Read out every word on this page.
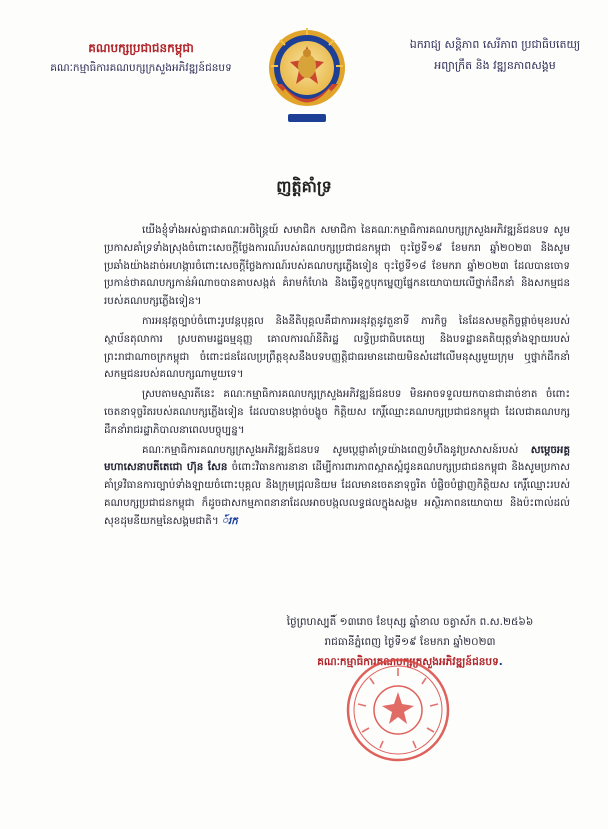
គណបក្សប្រជាជនកម្ពុជា
គណៈកម្មាធិការគណបក្សក្រសួងអភិវឌ្ឍន៍ជនបទ
ឯករាជ្យ សន្តិភាព សេរីភាព ប្រជាធិបតេយ្យ
អព្យាក្រឹត និង វឌ្ឍនភាពសង្គម
ញត្តិគាំទ្រ

យើងខ្ញុំទាំងអស់គ្នាជាគណៈអចិន្ត្រៃយ៍ សមាជិក សមាជិកា នៃគណៈកម្មាធិការគណបក្សក្រសួងអភិវឌ្ឍន៍ជនបទ សូមប្រកាសគាំទ្រទាំងស្រុងចំពោះសេចក្តីថ្លែងការណ៍របស់គណបក្សប្រជាជនកម្ពុជា ចុះថ្ងៃទី១៩ ខែមករា ឆ្នាំ២០២៣ និងសូមប្រឆាំងយ៉ាងដាច់អហង្ការចំពោះសេចក្តីថ្លែងការណ៍របស់គណបក្សភ្លើងទៀន ចុះថ្ងៃទី១៨ ខែមករា ឆ្នាំ២០២៣ ដែលបានចោទប្រកាន់ថាគណបក្សកាន់អំណាចបានគាបសង្កត់ គំរាមកំហែង និងធ្វើទុក្ខបុកម្នេញផ្នែកនយោបាយលើថ្នាក់ដឹកនាំ និងសកម្មជនរបស់គណបក្សភ្លើងទៀន។

ការអនុវត្តច្បាប់ចំពោះរូបវន្តបុគ្គល និងនីតិបុគ្គលគឺជាការអនុវត្តនូវតួនាទី ភារកិច្ច នៃដែនសមត្ថកិច្ចផ្តាច់មុខរបស់ស្ថាប័នតុលាការ ស្របតាមរដ្ឋធម្មនុញ្ញ គោលការណ៍នីតិរដ្ឋ លទ្ធិប្រជាធិបតេយ្យ និងបទដ្ឋានគតិយុត្តទាំងឡាយរបស់ព្រះរាជាណាចក្រកម្ពុជា ចំពោះជនដែលប្រព្រឹត្តខុសនឹងបទបញ្ញត្តិជាធរមានដោយមិនសំដៅលើមនុស្សមួយក្រុម ឬថ្នាក់ដឹកនាំសកម្មជនរបស់គណបក្សណាមួយទេ។

ស្របតាមស្មារតីនេះ គណៈកម្មាធិការគណបក្សក្រសួងអភិវឌ្ឍន៍ជនបទ មិនអាចទទួលយកបានជាដាច់ខាត ចំពោះចេតនាទុច្ចរិតរបស់គណបក្សភ្លើងទៀន ដែលបានបង្កាច់បង្ខូច កិត្តិយស កេរ្តិ៍ឈ្មោះគណបក្សប្រជាជនកម្ពុជា ដែលជាគណបក្សដឹកនាំរាជរដ្ឋាភិបាលនាពេលបច្ចុប្បន្ន។

គណៈកម្មាធិការគណបក្សក្រសួងអភិវឌ្ឍន៍ជនបទ សូមប្តេជ្ញាគាំទ្រយ៉ាងពេញទំហឹងនូវប្រសាសន៍របស់ សម្តេចអគ្គមហាសេនាបតីតេជោ ហ៊ុន សែន ចំពោះវិធានការនានា ដើម្បីការពារភាពស្អាតស្អំជូនគណបក្សប្រជាជនកម្ពុជា និងសូមប្រកាសគាំទ្រវិធានការច្បាប់ទាំងឡាយចំពោះបុគ្គល និងក្រុមជ្រុលនិយម ដែលមានចេតនាទុច្ចរិត បំផ្លិចបំផ្លាញកិត្តិយស កេរ្តិ៍ឈ្មោះរបស់គណបក្សប្រជាជនកម្ពុជា ក៏ដូចជាសកម្មភាពនានាដែលអាចបង្កលលទ្ធផលក្នុងសង្គម អស្ថិរភាពនយោបាយ និងប៉ះពាល់ដល់សុខដុមនីយកម្មនៃសង្គមជាតិ។ ៍រក

ថ្ងៃព្រហស្បតិ៍ ១៣រោច ខែបុស្ស ឆ្នាំខាល ចត្វាស័ក ព.ស.២៥៦៦
រាជធានីភ្នំពេញ ថ្ងៃទី១៩ ខែមករា ឆ្នាំ២០២៣
គណៈកម្មាធិការគណបក្សក្រសួងអភិវឌ្ឍន៍ជនបទ.
